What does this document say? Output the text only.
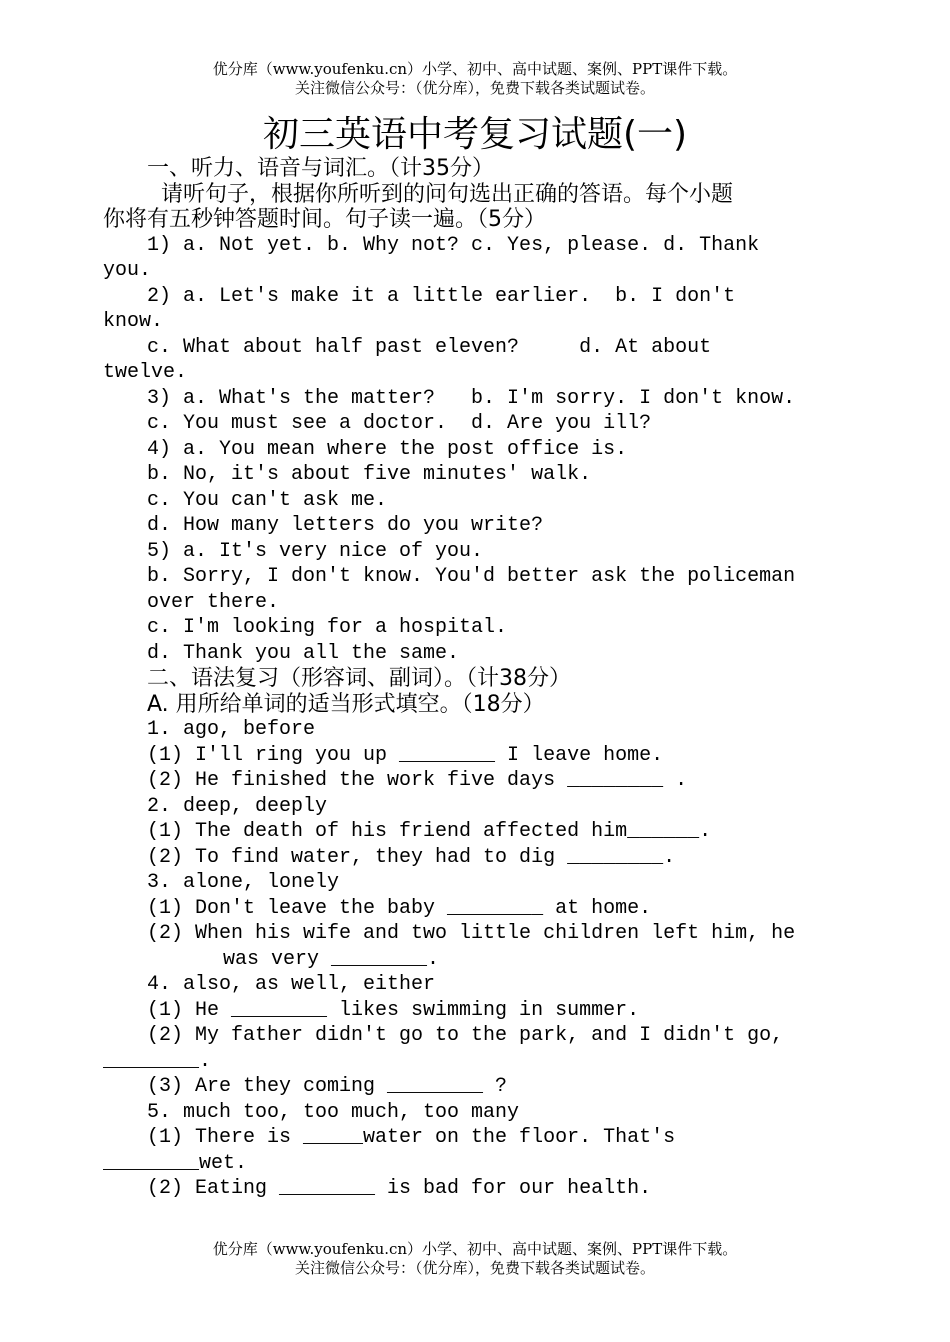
优分库（www.youfenku.cn）小学、初中、高中试题、案例、PPT课件下载。
关注微信公众号：（优分库），免费下载各类试题试卷。
初三英语中考复习试题(一)
一、听力、语音与词汇。（计35分）
请听句子，根据你所听到的问句选出正确的答语。每个小题
你将有五秒钟答题时间。句子读一遍。（5分）
1) a. Not yet. b. Why not? c. Yes, please. d. Thank
you.
2) a. Let's make it a little earlier.  b. I don't
know.
c. What about half past eleven?     d. At about
twelve.
3) a. What's the matter?   b. I'm sorry. I don't know.
c. You must see a doctor.  d. Are you ill?
4) a. You mean where the post office is.
b. No, it's about five minutes' walk.
c. You can't ask me.
d. How many letters do you write?
5) a. It's very nice of you.
b. Sorry, I don't know. You'd better ask the policeman
over there.
c. I'm looking for a hospital.
d. Thank you all the same.
二、语法复习（形容词、副词）。（计38分）
A. 用所给单词的适当形式填空。（18分）
1. ago, before
(1) I'll ring you up ________ I leave home.
(2) He finished the work five days ________ .
2. deep, deeply
(1) The death of his friend affected him______.
(2) To find water, they had to dig ________.
3. alone, lonely
(1) Don't leave the baby ________ at home.
(2) When his wife and two little children left him, he
was very ________.
4. also, as well, either
(1) He ________ likes swimming in summer.
(2) My father didn't go to the park, and I didn't go,
________.
(3) Are they coming ________ ?
5. much too, too much, too many
(1) There is _____water on the floor. That's
________wet.
(2) Eating ________ is bad for our health.
优分库（www.youfenku.cn）小学、初中、高中试题、案例、PPT课件下载。
关注微信公众号：（优分库），免费下载各类试题试卷。
